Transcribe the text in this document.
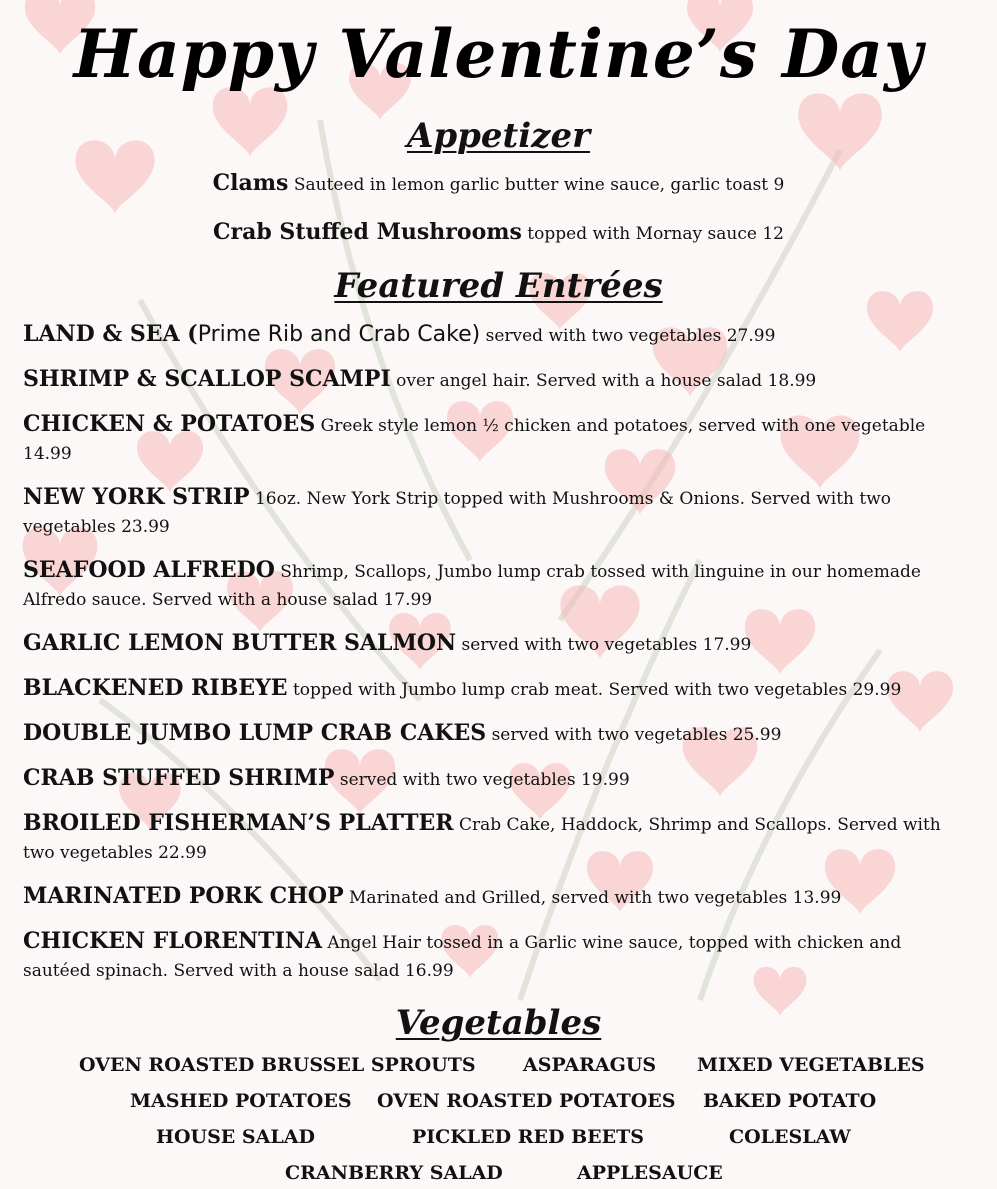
Happy Valentine’s Day
Appetizer
Clams Sauteed in lemon garlic butter wine sauce, garlic toast 9
Crab Stuffed Mushrooms topped with Mornay sauce 12
Featured Entrées
LAND & SEA (Prime Rib and Crab Cake) served with two vegetables 27.99
SHRIMP & SCALLOP SCAMPI over angel hair. Served with a house salad 18.99
CHICKEN & POTATOES Greek style lemon ½ chicken and potatoes, served with one vegetable 14.99
NEW YORK STRIP 16oz. New York Strip topped with Mushrooms & Onions. Served with two vegetables 23.99
SEAFOOD ALFREDO Shrimp, Scallops, Jumbo lump crab tossed with linguine in our homemade Alfredo sauce. Served with a house salad 17.99
GARLIC LEMON BUTTER SALMON served with two vegetables 17.99
BLACKENED RIBEYE topped with Jumbo lump crab meat. Served with two vegetables 29.99
DOUBLE JUMBO LUMP CRAB CAKES served with two vegetables 25.99
CRAB STUFFED SHRIMP served with two vegetables 19.99
BROILED FISHERMAN’S PLATTER Crab Cake, Haddock, Shrimp and Scallops. Served with two vegetables 22.99
MARINATED PORK CHOP Marinated and Grilled, served with two vegetables 13.99
CHICKEN FLORENTINA Angel Hair tossed in a Garlic wine sauce, topped with chicken and sautéed spinach. Served with a house salad 16.99
Vegetables
OVEN ROASTED BRUSSEL SPROUTS ASPARAGUS MIXED VEGETABLES
MASHED POTATOES OVEN ROASTED POTATOES BAKED POTATO
HOUSE SALAD	PICKLED RED BEETS	COLESLAW
CRANBERRY SALAD	APPLESAUCE
